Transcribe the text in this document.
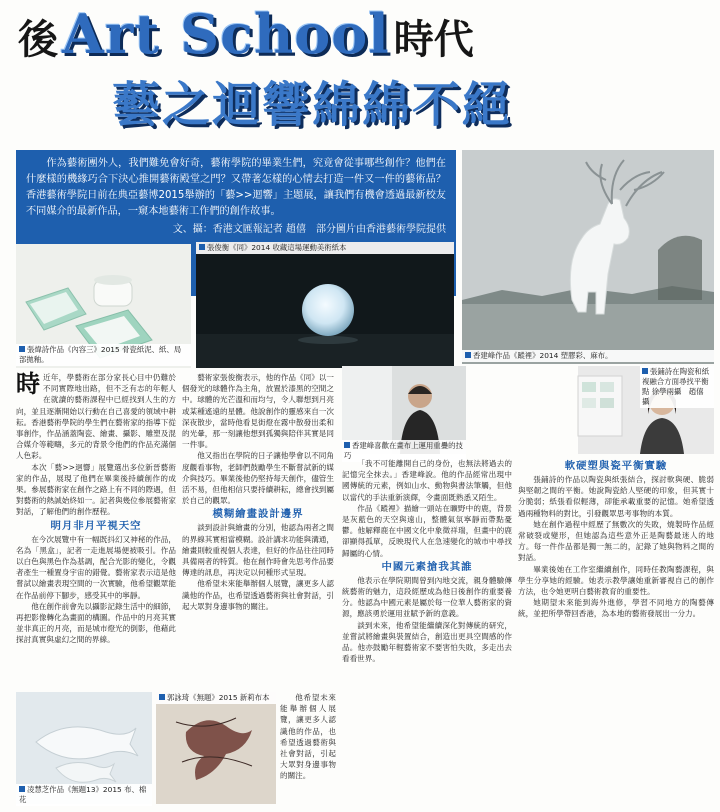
後Art School 時代
藝之迴響綿綿不絕
作為藝術團外人，我們難免會好奇，藝術學院的畢業生們，究竟會從事哪些創作？他們在什麼樣的機緣巧合下決心推開藝術殿堂之門？又帶著怎樣的心情去打造一件又一件的藝術品？香港藝術學院日前在典亞藝博2015舉辦的「藝>>迴響」主題展，讓我們有機會透過最新校友不同媒介的最新作品，一窺本地藝術工作們的創作故事。
文、攝：香港文匯報記者 趙僖　部分圖片由香港藝術學院提供
張煒詩作品《內容三》2015 骨瓷紙泥、紙、局部拋釉。
張俊衡《同》2014 收藏這場運動美術紙本
香建峰作品《蹤裡》2014 塑膠彩、麻布。

時近年，學藝術在部分家長心目中仍難於不同實際地出路，但不乏有志的年輕人在就讀的藝術課程中已經找到人生的方向，並且逐漸開始以行動在自己喜愛的領域中耕耘。香港藝術學院的學生們在藝術家的指導下從事創作，作品涵蓋陶瓷、繪畫、攝影、雕塑及混合媒介等範疇，多元的背景令他們的作品充滿個人色彩。

本次「藝>>迴響」展覽選出多位新晉藝術家的作品，展現了他們在畢業後持續創作的成果。參展藝術家在創作之路上有不同的際遇，但對藝術的熱誠始終如一。記者與幾位參展藝術家對話，了解他們的創作歷程。

明月非月平視天空

在今次展覽中有一幅既抖幻又神秘的作品，名為「黑盒」，記者一走進展場便被吸引。作品以白色與黑色作為基調，配合光影的變化，令觀者產生一種置身宇宙的錯覺。藝術家表示這是他嘗試以繪畫表現空間的一次實驗，他希望觀眾能在作品前停下腳步，感受其中的寧靜。

他在創作前會先以攝影記錄生活中的細節，再把影像轉化為畫面的構圖。作品中的月亮其實並非真正的月亮，而是城市燈光的倒影，他藉此探討真實與虛幻之間的界線。

藝術家張俊衡表示，他的作品《同》以一個發光的球體作為主角，放置於漆黑的空間之中。球體的光芒溫和而均勻，令人聯想到月亮或某種遙遠的星體。他說創作的靈感來自一次深夜散步，當時他看見街燈在霧中散發出柔和的光暈，那一刻讓他想到孤獨與陪伴其實是同一件事。

他又指出在學院的日子讓他學會以不同角度觀看事物，老師們鼓勵學生不斷嘗試新的媒介與技巧。畢業後他仍堅持每天創作，儘管生活不易，但他相信只要持續耕耘，總會找到屬於自己的觀眾。

模糊繪畫設計邊界

談到設計與繪畫的分別，他認為兩者之間的界線其實相當模糊。設計講求功能與溝通，繪畫則較重視個人表達，但好的作品往往同時具備兩者的特質。他在創作時會先思考作品要傳達的訊息，再決定以何種形式呈現。

他希望未來能舉辦個人展覽，讓更多人認識他的作品，也希望透過藝術與社會對話，引起大眾對身邊事物的關注。

香建峰喜歡在畫布上運用重疊的技巧

「我不可能離開自己的身份，也無法將過去的記憶完全抹去。」香建峰說。他的作品經常出現中國傳統的元素，例如山水、動物與書法筆觸，但他以當代的手法重新演繹，令畫面既熟悉又陌生。

作品《蹤裡》描繪一頭站在曠野中的鹿，背景是灰藍色的天空與遠山，整體氣氛寧靜而帶點憂鬱。他解釋鹿在中國文化中象徵祥瑞，但畫中的鹿卻顯得孤單，反映現代人在急速變化的城市中尋找歸屬的心情。

中國元素搶我其誰

他表示在學院期間曾到內地交流，親身體驗傳統藝術的魅力，這段經歷成為他日後創作的重要養分。他認為中國元素是屬於每一位華人藝術家的資源，應該勇於運用並賦予新的意義。

談到未來，他希望能繼續深化對傳統的研究，並嘗試將繪畫與裝置結合，創造出更具空間感的作品。他亦鼓勵年輕藝術家不要害怕失敗，多走出去看看世界。

張鋪詩在陶瓷和紙複融合方面尋找平衡點 徐學兩攝　趙僖 攝
軟硬塑與瓷平衡實驗

張鋪詩的作品以陶瓷與紙張結合，探討軟與硬、脆弱與堅韌之間的平衡。她說陶瓷給人堅硬的印象，但其實十分脆弱；紙張看似輕薄，卻能承載重要的記憶。她希望透過兩種物料的對比，引發觀眾思考事物的本質。

她在創作過程中經歷了無數次的失敗，燒製時作品經常破裂或變形，但她認為這些意外正是陶藝最迷人的地方。每一件作品都是獨一無二的，記錄了她與物料之間的對話。

畢業後她在工作室繼續創作，同時任教陶藝課程，與學生分享她的經驗。她表示教學讓她重新審視自己的創作方法，也令她更明白藝術教育的重要性。

她期望未來能到海外進修，學習不同地方的陶藝傳統，並把所學帶回香港，為本地的藝術發展出一分力。

凌慧芝作品《無題13》2015 布、棉花
郭詠琦《無題》2015 新莉布本	他希望未來能舉辦個人展覽，讓更多人認識他的作品，也希望透過藝術與社會對話，引起大眾對身邊事物的關注。
